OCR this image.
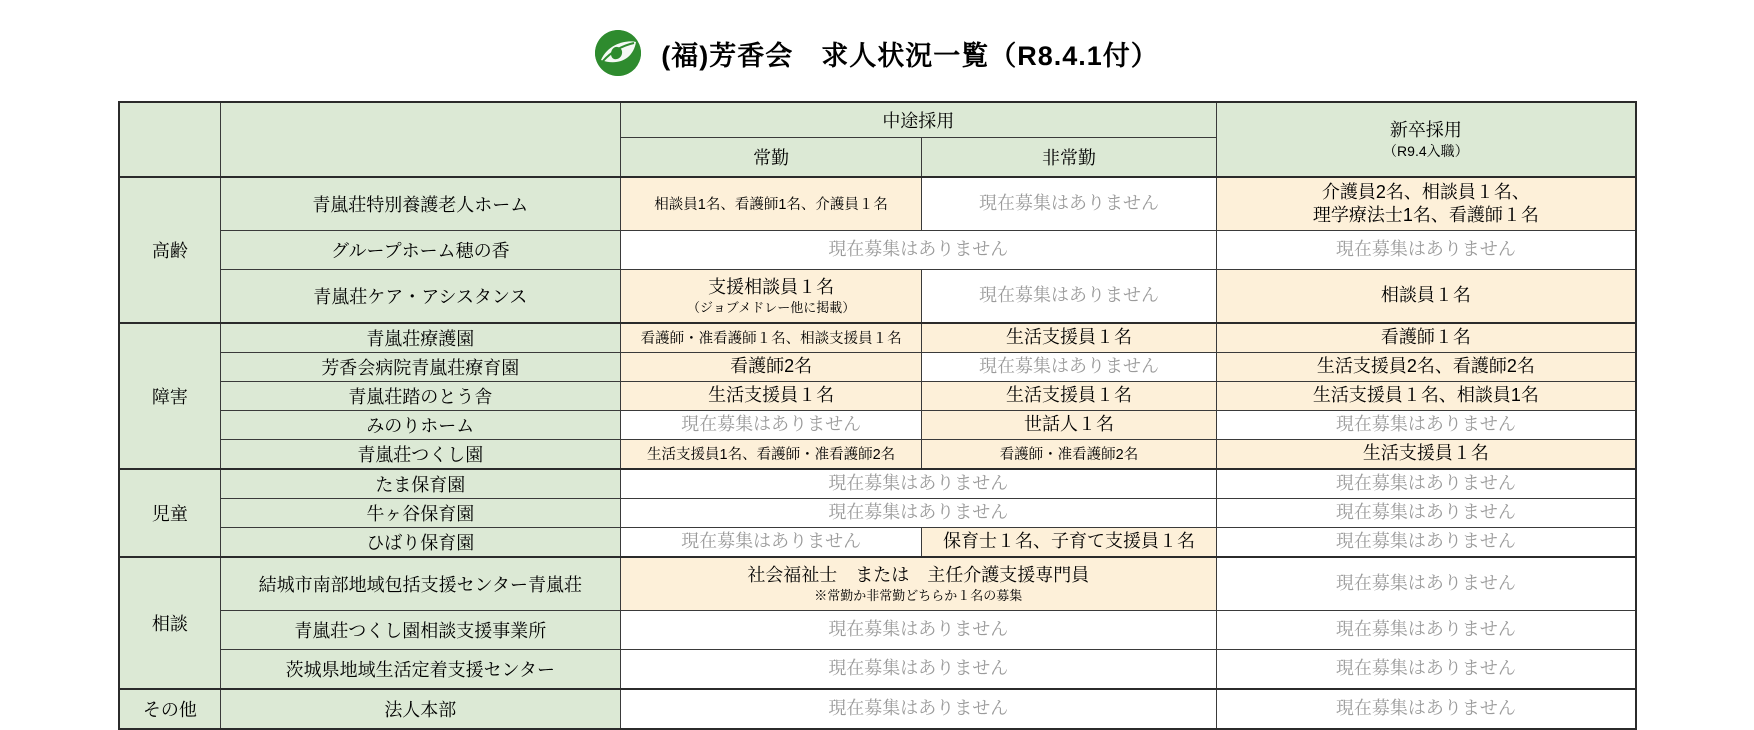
(福)芳香会　求人状況一覧（R8.4.1付）
		中途採用		新卒採用
（R9.4入職）

		常勤	非常勤	
高齢	青嵐荘特別養護老人ホーム	相談員1名、看護師1名、介護員１名	現在募集はありません	介護員2名、相談員１名、
理学療法士1名、看護師１名
	グループホーム穂の香	現在募集はありません		現在募集はありません
	青嵐荘ケア・アシスタンス	支援相談員１名
（ジョブメドレー他に掲載）	現在募集はありません	相談員１名
障害	青嵐荘療護園	看護師・准看護師１名、相談支援員１名	生活支援員１名	看護師１名
	芳香会病院青嵐荘療育園	看護師2名	現在募集はありません	生活支援員2名、看護師2名
	青嵐荘踏のとう舎	生活支援員１名	生活支援員１名	生活支援員１名、相談員1名
	みのりホーム	現在募集はありません	世話人１名	現在募集はありません
	青嵐荘つくし園	生活支援員1名、看護師・准看護師2名	看護師・准看護師2名	生活支援員１名
児童	たま保育園	現在募集はありません		現在募集はありません
	牛ヶ谷保育園	現在募集はありません		現在募集はありません
	ひばり保育園	現在募集はありません	保育士１名、子育て支援員１名	現在募集はありません
相談	結城市南部地域包括支援センター青嵐荘	社会福祉士　または　主任介護支援専門員
※常勤か非常勤どちらか１名の募集		現在募集はありません
	青嵐荘つくし園相談支援事業所	現在募集はありません		現在募集はありません
	茨城県地域生活定着支援センター	現在募集はありません		現在募集はありません
その他	法人本部	現在募集はありません		現在募集はありません
